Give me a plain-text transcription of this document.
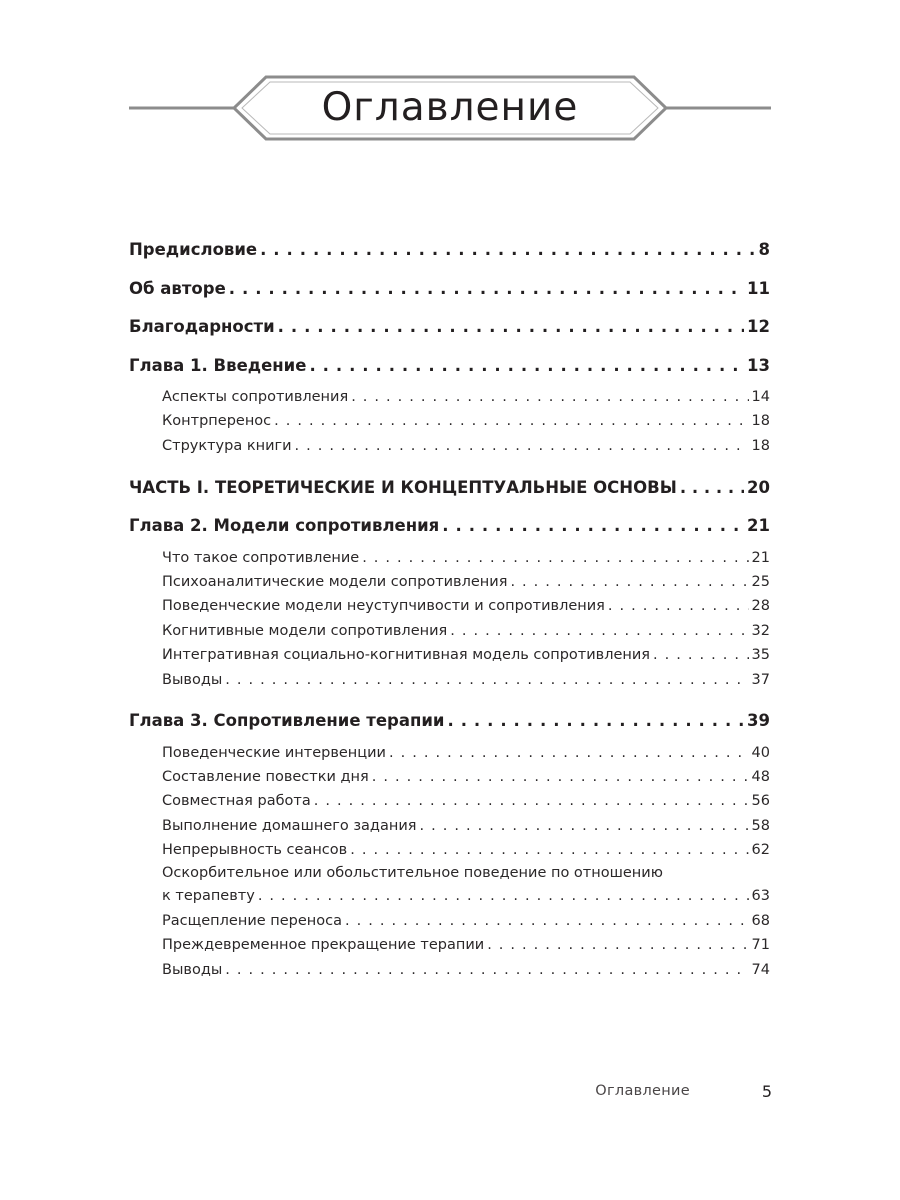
Оглавление
Предисловие . . .	8
Об авторе . . .	11
Благодарности . . .	12
Глава 1. Введение . . .	13
Аспекты сопротивления . . .	14
Контрперенос . . .	18
Структура книги . . .	18
ЧАСТЬ I. ТЕОРЕТИЧЕСКИЕ И КОНЦЕПТУАЛЬНЫЕ ОСНОВЫ . . .	20
Глава 2. Модели сопротивления . . .	21
Что такое сопротивление . . .	21
Психоаналитические модели сопротивления . . .	25
Поведенческие модели неуступчивости и сопротивления . . .	28
Когнитивные модели сопротивления . . .	32
Интегративная социально-когнитивная модель сопротивления . . .	35
Выводы . . .	37
Глава 3. Сопротивление терапии . . .	39
Поведенческие интервенции . . .	40
Составление повестки дня . . .	48
Совместная работа . . .	56
Выполнение домашнего задания . . .	58
Непрерывность сеансов . . .	62
Оскорбительное или обольстительное поведение по отношению
к терапевту . . .	63
Расщепление переноса . . .	68
Преждевременное прекращение терапии . . .	71
Выводы . . .	74
Оглавление	5
